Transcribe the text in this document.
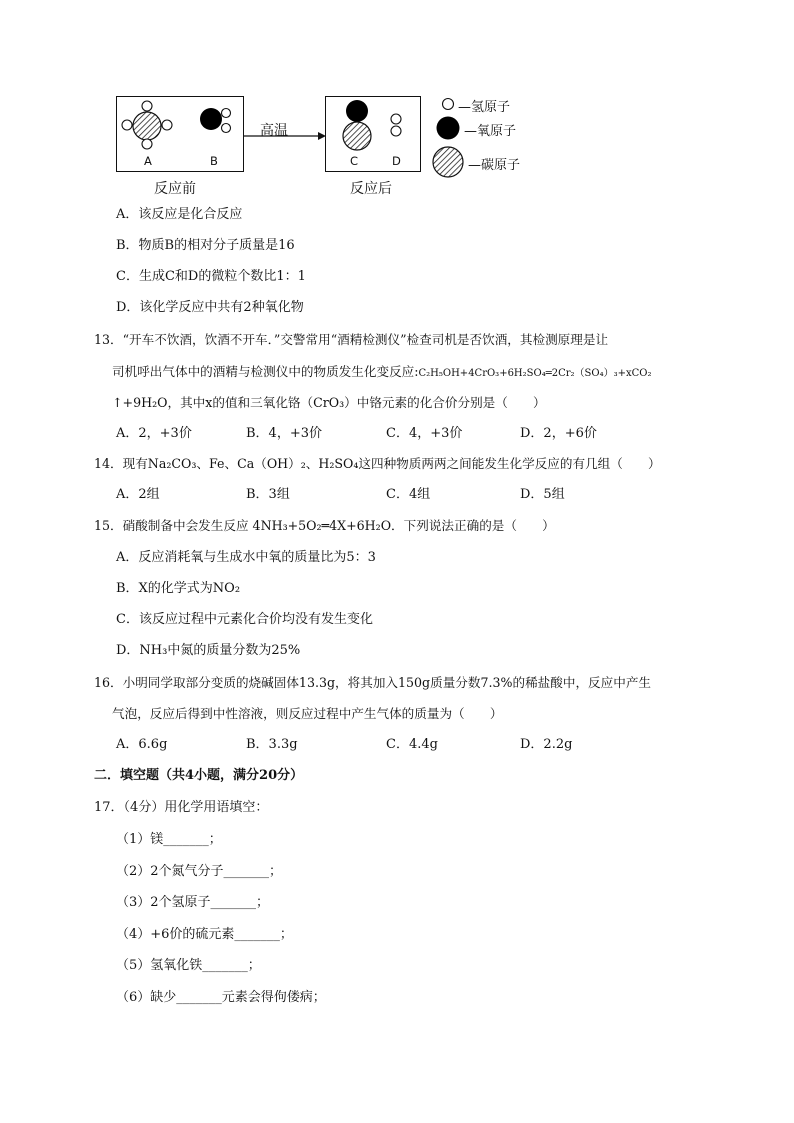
A	B
反应前
高温
C	D
反应后
—氢原子
—氧原子
—碳原子
A．该反应是化合反应
B．物质B的相对分子质量是16
C．生成C和D的微粒个数比1：1
D．该化学反应中共有2种氧化物
13．“开车不饮酒，饮酒不开车．”交警常用“酒精检测仪”检查司机是否饮酒，其检测原理是让
司机呼出气体中的酒精与检测仪中的物质发生化变反应:C₂H₅OH+4CrO₃+6H₂SO₄═2Cr₂（SO₄）₃+xCO₂
↑+9H₂O，其中x的值和三氧化铬（CrO₃）中铬元素的化合价分别是（　　）
A．2，+3价	B．4，+3价	C．4，+3价	D．2，+6价
14．现有Na₂CO₃、Fe、Ca（OH）₂、H₂SO₄这四种物质两两之间能发生化学反应的有几组（　　）
A．2组	B．3组	C．4组	D．5组
15．硝酸制备中会发生反应 4NH₃+5O₂═4X+6H₂O．下列说法正确的是（　　）
A．反应消耗氧与生成水中氧的质量比为5：3
B．X的化学式为NO₂
C．该反应过程中元素化合价均没有发生变化
D．NH₃中氮的质量分数为25%
16．小明同学取部分变质的烧碱固体13.3g，将其加入150g质量分数7.3%的稀盐酸中，反应中产生
气泡，反应后得到中性溶液，则反应过程中产生气体的质量为（　　）
A．6.6g	B．3.3g	C．4.4g	D．2.2g
二．填空题（共4小题，满分20分）
17．（4分）用化学用语填空：
（1）镁_______；
（2）2个氮气分子_______；
（3）2个氢原子_______；
（4）+6价的硫元素_______；
（5）氢氧化铁_______；
（6）缺少_______元素会得佝偻病；
